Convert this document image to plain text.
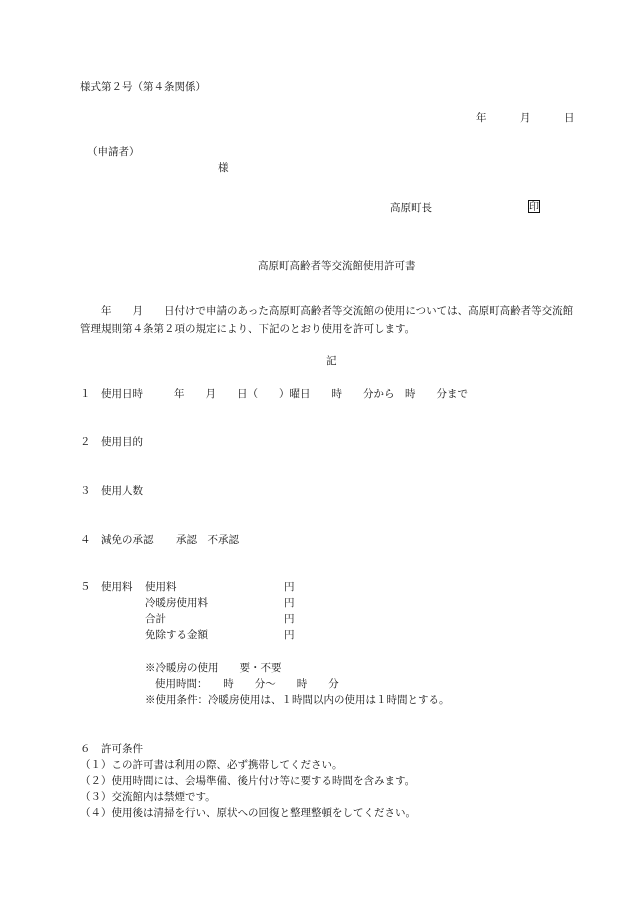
様式第２号（第４条関係）
年	月	日
（申請者）
様
高原町長	印
高原町高齢者等交流館使用許可書
年　　月　　日付けで申請のあった高原町高齢者等交流館の使用については、高原町高齢者等交流館
管理規則第４条第２項の規定により、下記のとおり使用を許可します。
記
１　使用日時	年　　月　　日（　　）曜日　　時　　分から　時　　分まで
２　使用目的
３　使用人数
４　減免の承認 承認　不承認
５　使用料 使用料	円
冷暖房使用料	円
合計	円
免除する金額	円
※冷暖房の使用　　要・不要
使用時間：　　時　　分～　　時　　分
※使用条件：冷暖房使用は、１時間以内の使用は１時間とする。
６　許可条件
（１）この許可書は利用の際、必ず携帯してください。
（２）使用時間には、会場準備、後片付け等に要する時間を含みます。
（３）交流館内は禁煙です。
（４）使用後は清掃を行い、原状への回復と整理整頓をしてください。
